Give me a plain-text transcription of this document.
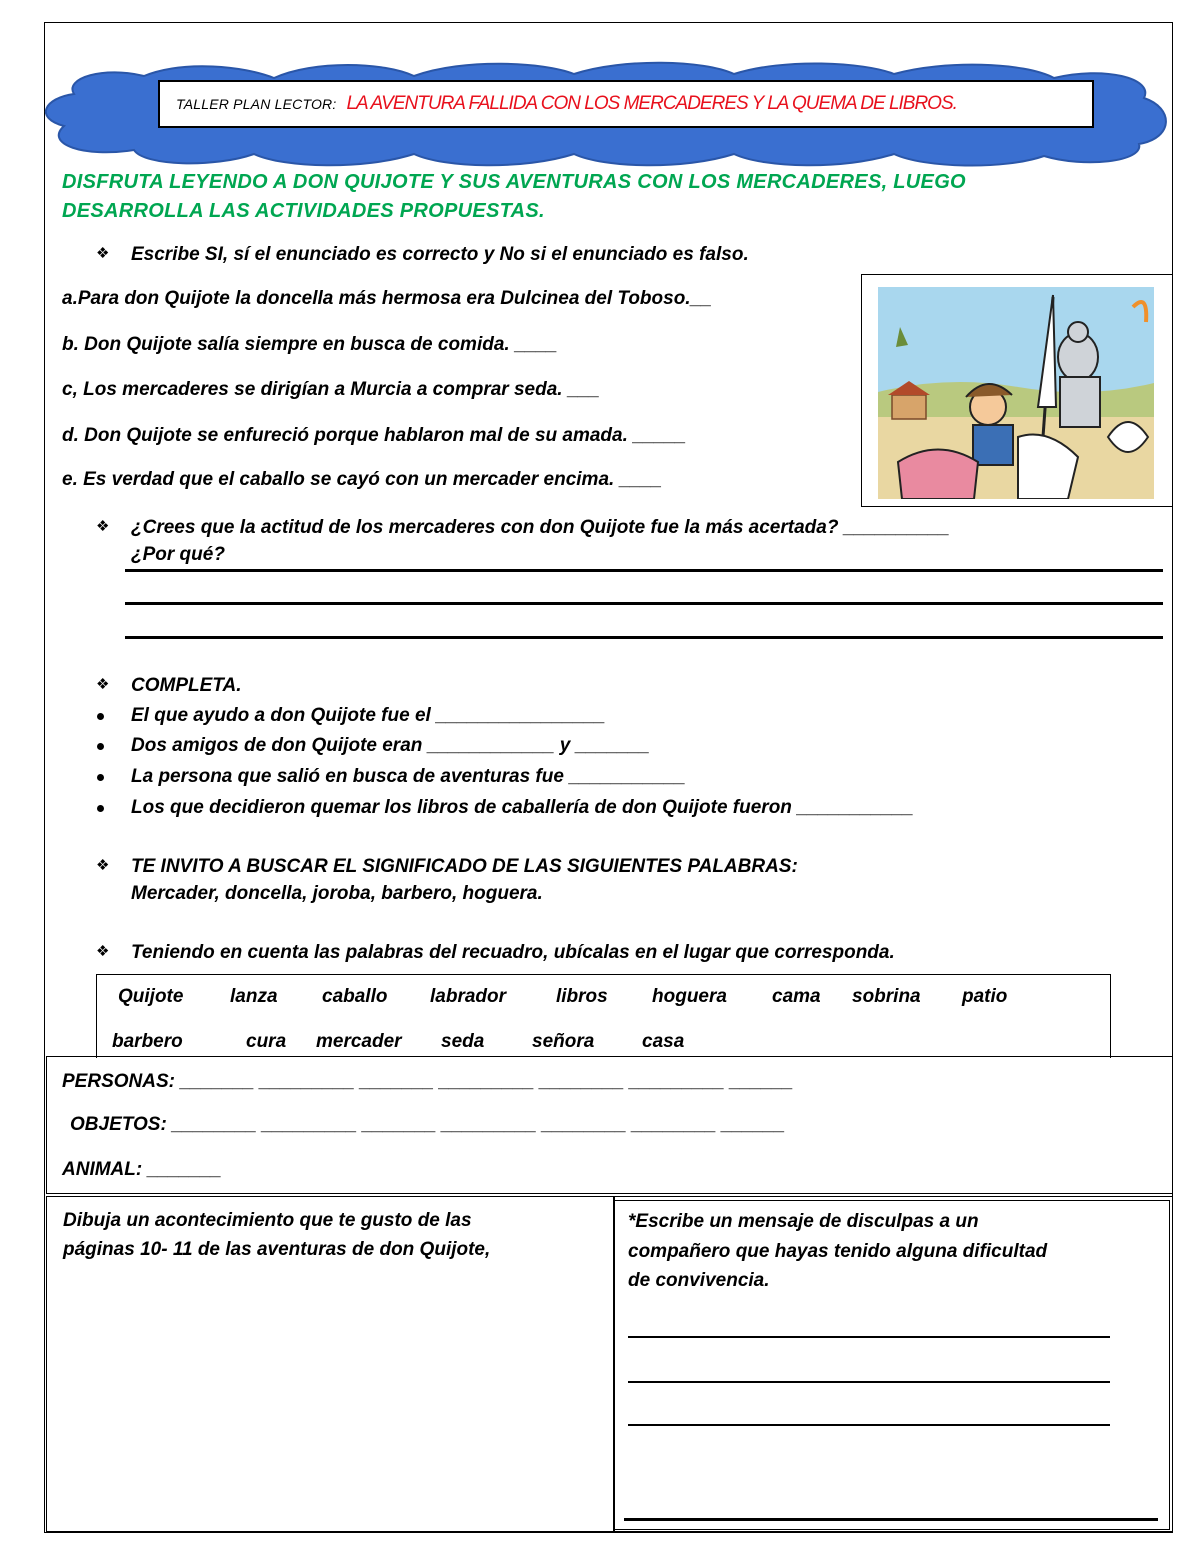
TALLER PLAN LECTOR: LA AVENTURA FALLIDA CON LOS MERCADERES Y LA QUEMA DE LIBROS.
DISFRUTA LEYENDO A DON QUIJOTE Y SUS AVENTURAS CON LOS MERCADERES, LUEGO
DESARROLLA LAS ACTIVIDADES PROPUESTAS.
❖ Escribe SI, sí el enunciado es correcto y No si el enunciado es falso.
a.Para don Quijote la doncella más hermosa era Dulcinea del Toboso.__
b. Don Quijote salía siempre en busca de comida. ____
c, Los mercaderes se dirigían a Murcia a comprar seda. ___
d. Don Quijote se enfureció porque hablaron mal de su amada. _____
e. Es verdad que el caballo se cayó con un mercader encima. ____
❖ ¿Crees que la actitud de los mercaderes con don Quijote fue la más acertada? __________
¿Por qué?
❖ COMPLETA.
El que ayudo a don Quijote fue el ________________
Dos amigos de don Quijote eran ____________ y _______
La persona que salió en busca de aventuras fue ___________
Los que decidieron quemar los libros de caballería de don Quijote fueron ___________
❖ TE INVITO A BUSCAR EL SIGNIFICADO DE LAS SIGUIENTES PALABRAS:
Mercader, doncella, joroba, barbero, hoguera.
❖ Teniendo en cuenta las palabras del recuadro, ubícalas en el lugar que corresponda.
Quijote lanza caballo labrador	libros hoguera cama sobrina patio
barbero	cura mercader seda	señora	casa
PERSONAS: _______ _________ _______ _________ ________ _________ ______
OBJETOS: ________ _________ _______ _________ ________ ________ ______
ANIMAL: _______
Dibuja un acontecimiento que te gusto de las
páginas 10- 11 de las aventuras de don Quijote,
*Escribe un mensaje de disculpas a un
compañero que hayas tenido alguna dificultad
de convivencia.
